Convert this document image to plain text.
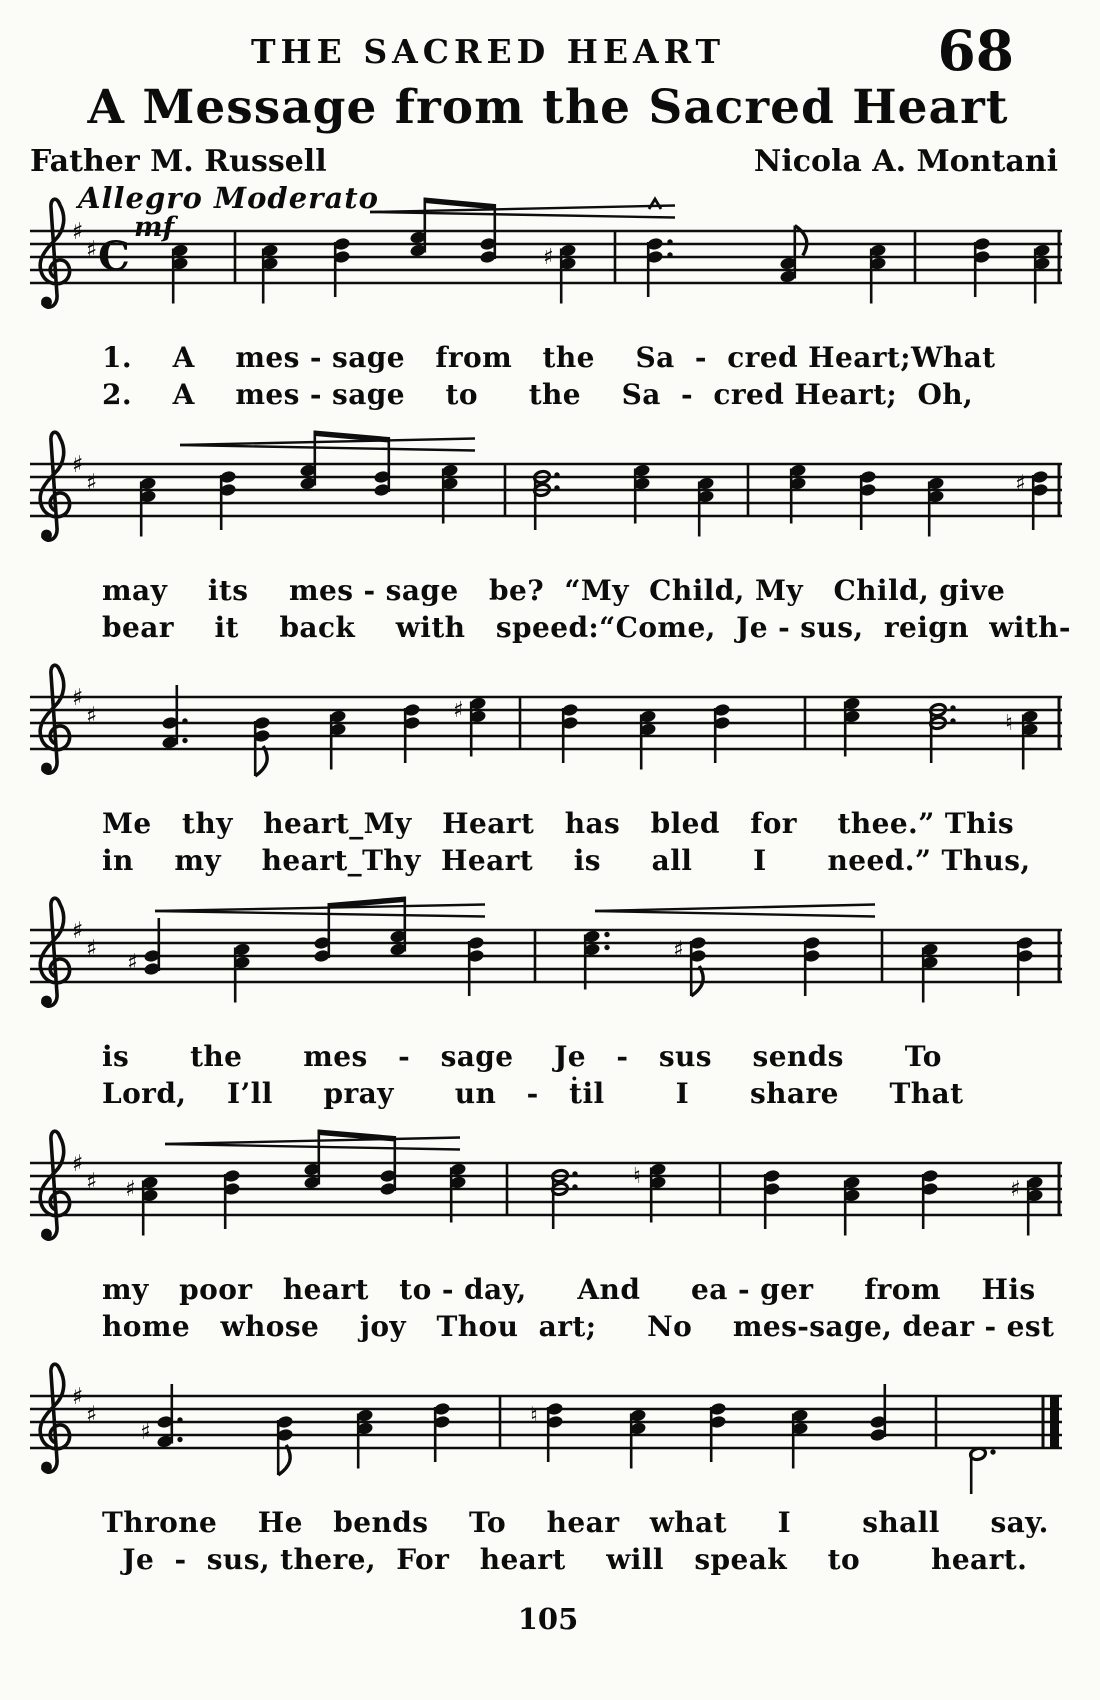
THE SACRED HEART	68
A Message from the Sacred Heart
Father M. Russell	Nicola A. Montani
Allegro Moderato
mf
♯
♯ C	♯
1.    A    mes - sage   from   the    Sa  -  cred Heart;What
2.    A    mes - sage    to     the    Sa  -  cred Heart;  Oh,
♯
♯	♯
may    its    mes - sage   be?  “My  Child, My   Child, give
bear    it    back    with   speed:“Come,  Je - sus,  reign  with-
♯
♯	♯
♮
Me   thy   heart_My   Heart   has   bled   for    thee.” This
in    my    heart_Thy  Heart    is     all      I      need.” Thus,
♯
♯
♯
♯
is      the      mes   -   sage    Je   -   sus    sends      To
Lord,    I’ll     pray      un   -   ṫil       I      share     That
♯
♯ ♯
♮
♯
my   poor   heart   to - day,     And     ea - ger     from    His
home   whose    joy   Thou  art;     No    mes-sage, dear - est
♯
♯
♯
♮
Throne    He   bends    To    hear   what     I       shall     say.
Je  -  sus, there,  For   heart    will   speak    to       heart.
105
